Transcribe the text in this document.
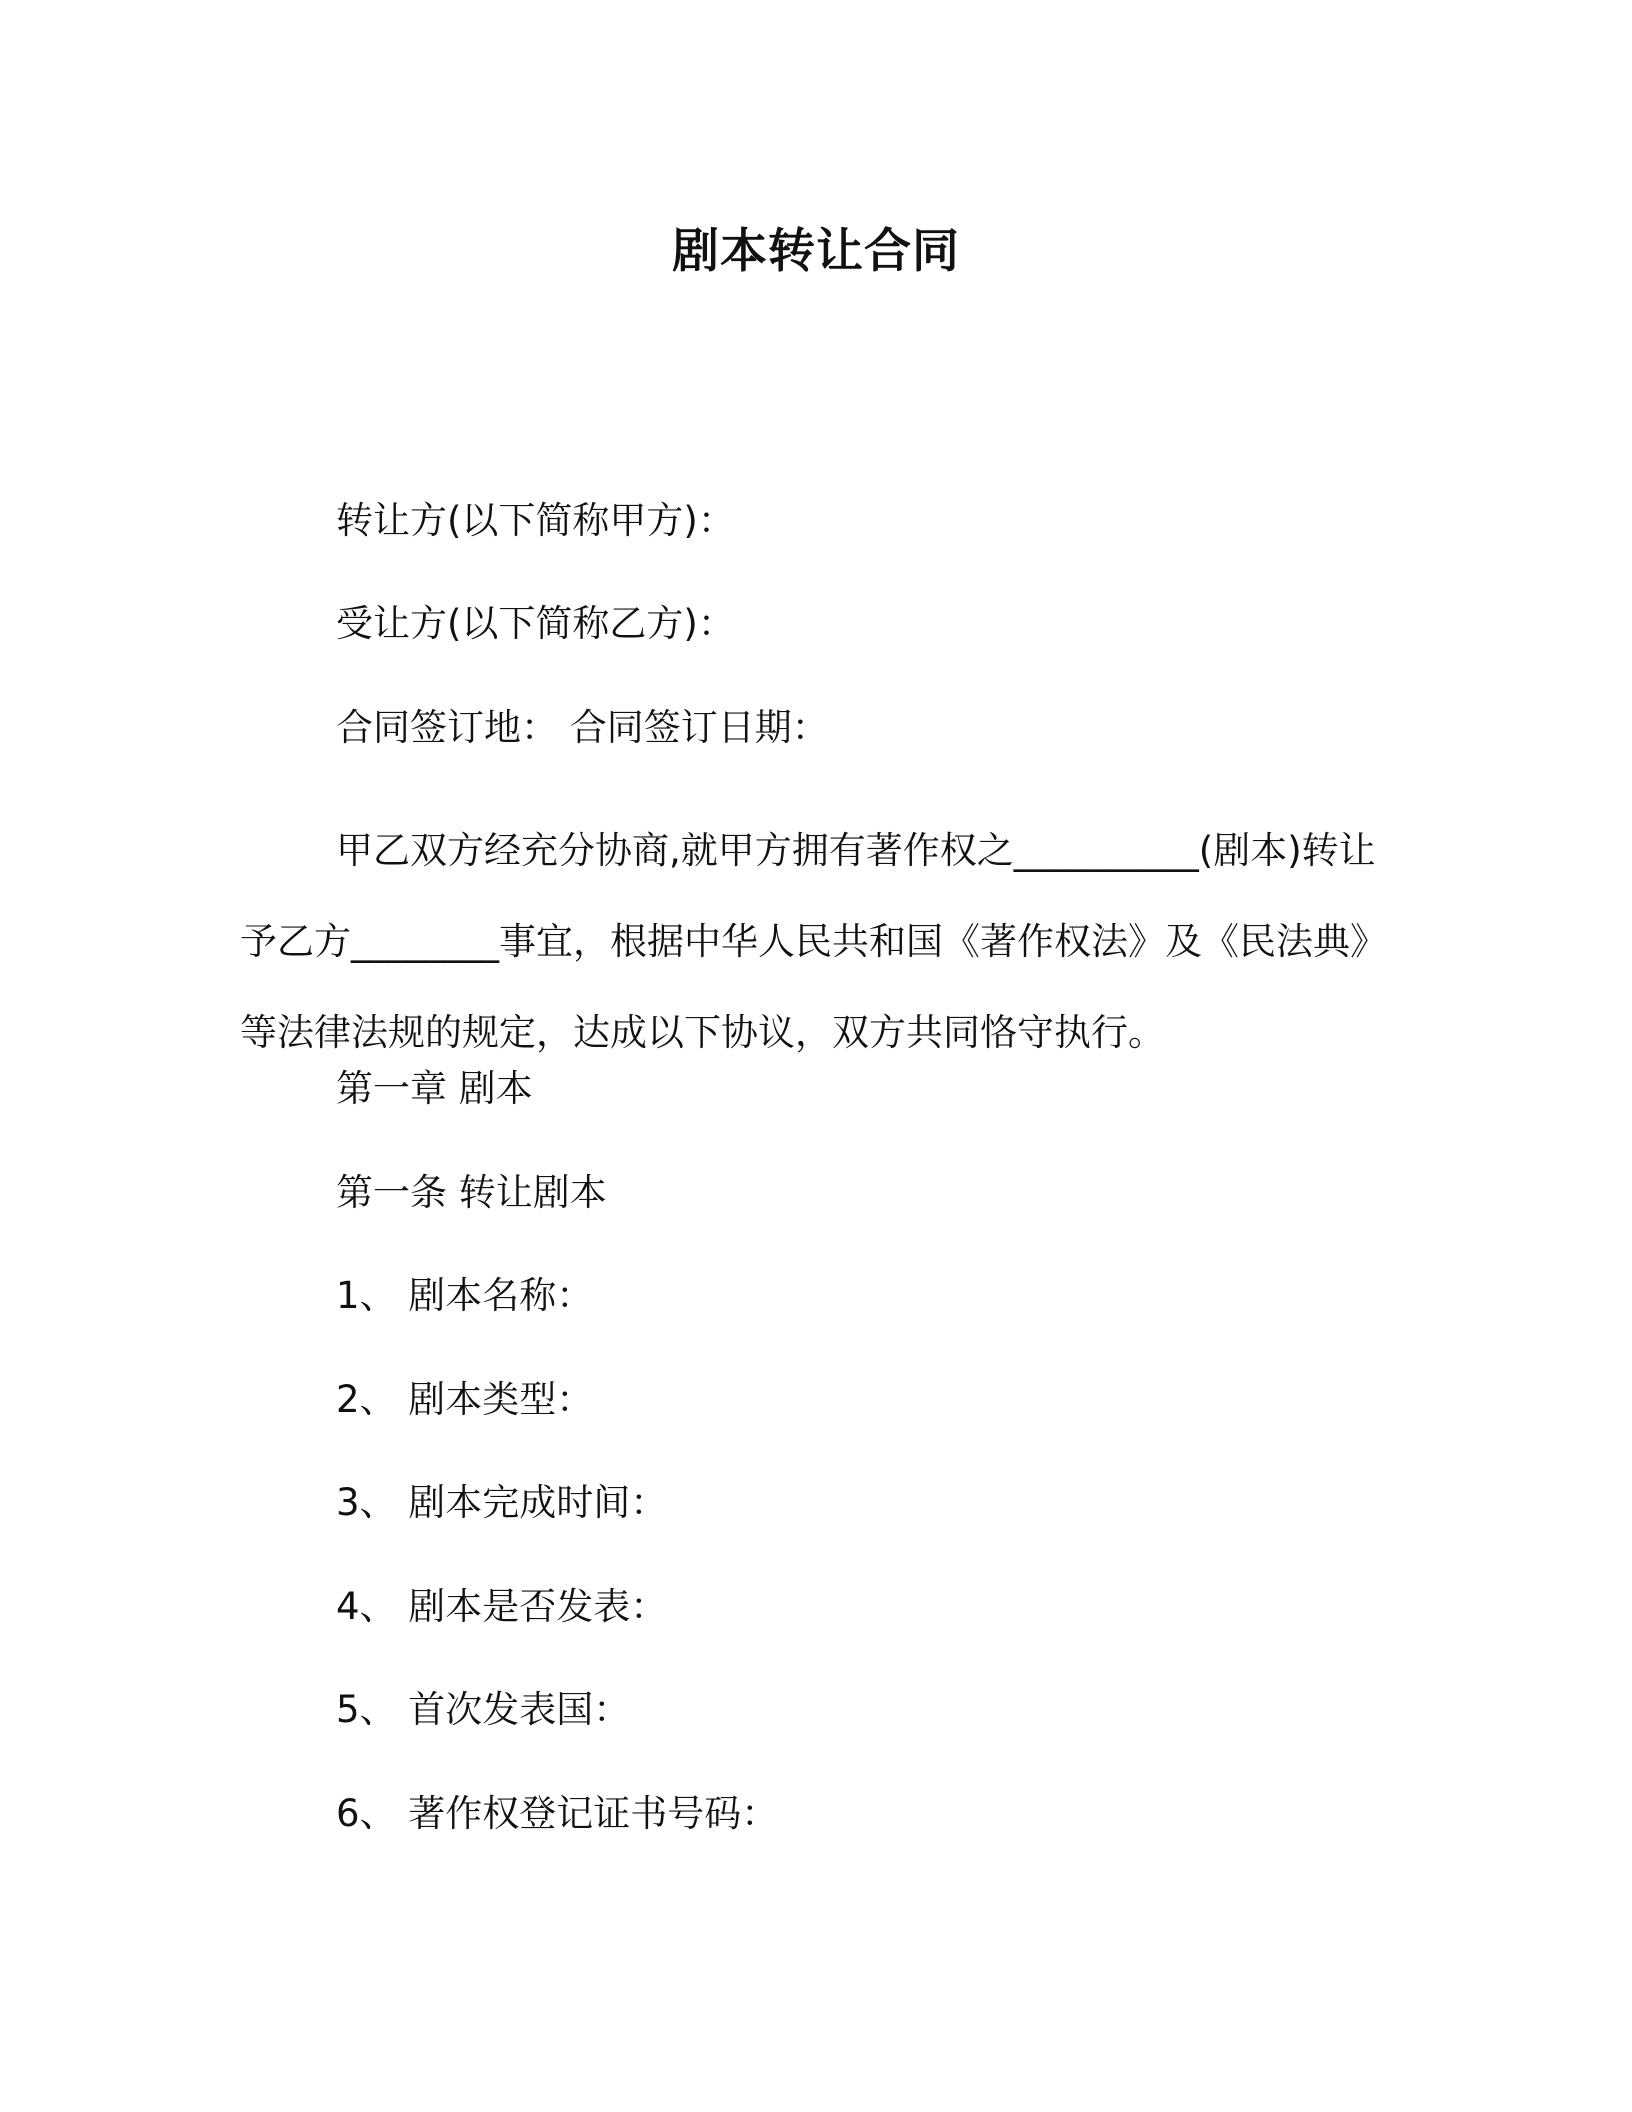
剧本转让合同
转让方(以下简称甲方)：
受让方(以下简称乙方)：
合同签订地： 合同签订日期：
甲乙双方经充分协商,就甲方拥有著作权之__________(剧本)转让
予乙方________事宜，根据中华人民共和国《著作权法》及《民法典》
等法律法规的规定，达成以下协议，双方共同恪守执行。
第一章 剧本
第一条 转让剧本
1、 剧本名称：
2、 剧本类型：
3、 剧本完成时间：
4、 剧本是否发表：
5、 首次发表国：
6、 著作权登记证书号码：
